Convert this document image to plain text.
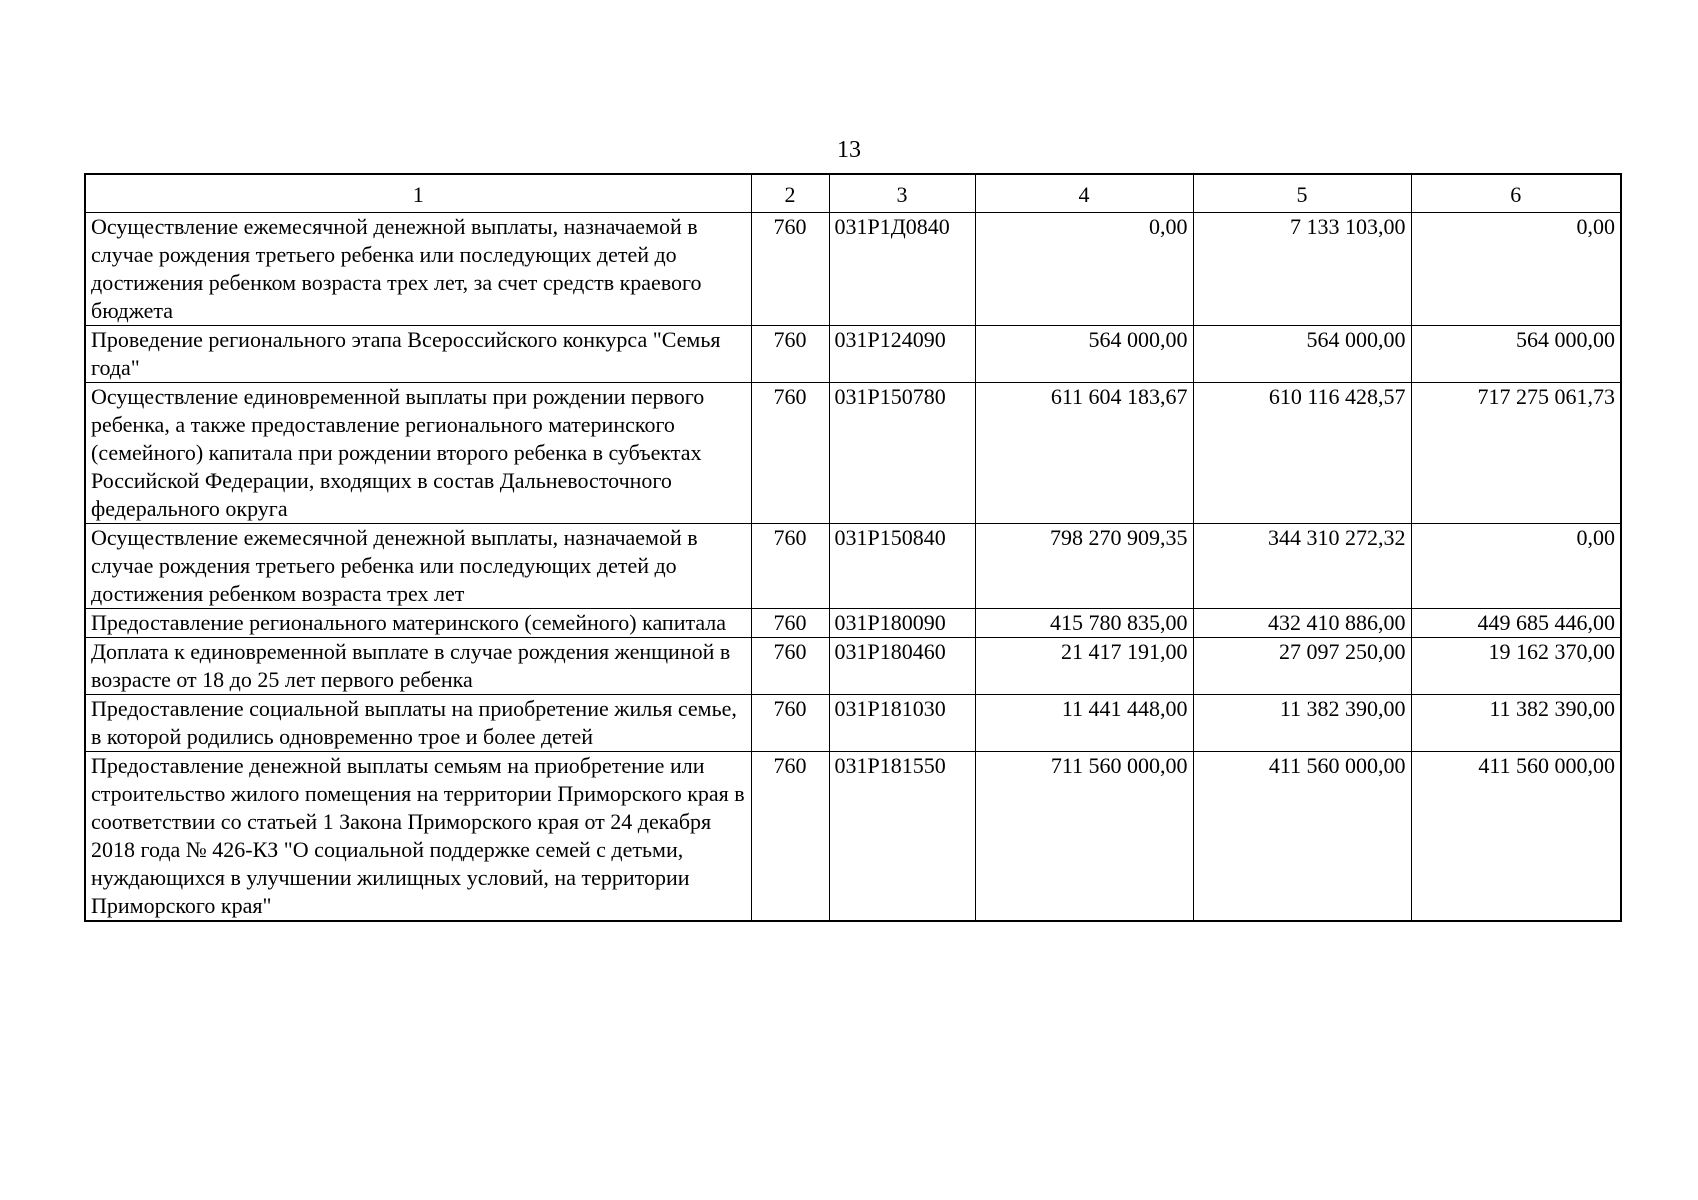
13
1	2	3	4	5	6
Осуществление ежемесячной денежной выплаты, назначаемой в случае рождения третьего ребенка или последующих детей до достижения ребенком возраста трех лет, за счет средств краевого бюджета	760	031Р1Д0840	0,00	7 133 103,00	0,00
Проведение регионального этапа Всероссийского конкурса "Семья года"	760	031Р124090	564 000,00	564 000,00	564 000,00
Осуществление единовременной выплаты при рождении первого ребенка, а также предоставление регионального материнского (семейного) капитала при рождении второго ребенка в субъектах Российской Федерации, входящих в состав Дальневосточного федерального округа	760	031Р150780	611 604 183,67	610 116 428,57	717 275 061,73
Осуществление ежемесячной денежной выплаты, назначаемой в случае рождения третьего ребенка или последующих детей до достижения ребенком возраста трех лет	760	031Р150840	798 270 909,35	344 310 272,32	0,00
Предоставление регионального материнского (семейного) капитала	760	031Р180090	415 780 835,00	432 410 886,00	449 685 446,00
Доплата к единовременной выплате в случае рождения женщиной в возрасте от 18 до 25 лет первого ребенка	760	031Р180460	21 417 191,00	27 097 250,00	19 162 370,00
Предоставление социальной выплаты на приобретение жилья семье, в которой родились одновременно трое и более детей	760	031Р181030	11 441 448,00	11 382 390,00	11 382 390,00
Предоставление денежной выплаты семьям на приобретение или строительство жилого помещения на территории Приморского края в соответствии со статьей 1 Закона Приморского края от 24 декабря 2018 года № 426-КЗ "О социальной поддержке семей с детьми, нуждающихся в улучшении жилищных условий, на территории Приморского края"	760	031Р181550	711 560 000,00	411 560 000,00	411 560 000,00
